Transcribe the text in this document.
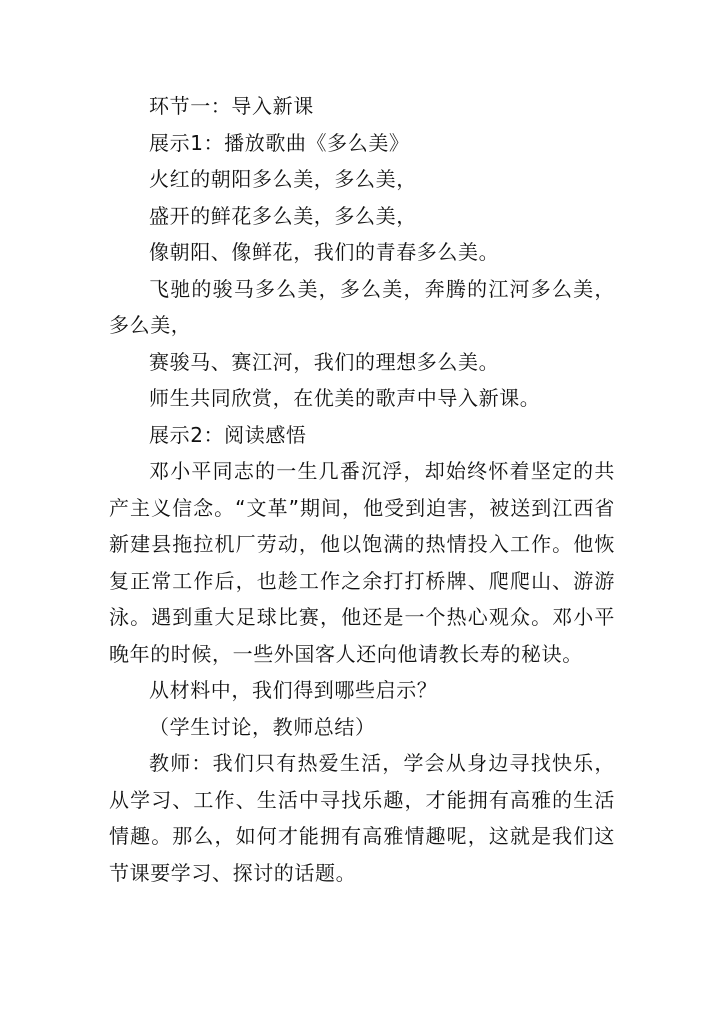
环节一：导入新课

展示1：播放歌曲《多么美》

火红的朝阳多么美，多么美，

盛开的鲜花多么美，多么美，

像朝阳、像鲜花，我们的青春多么美。

飞驰的骏马多么美，多么美，奔腾的江河多么美，多么美，

赛骏马、赛江河，我们的理想多么美。

师生共同欣赏，在优美的歌声中导入新课。

展示2：阅读感悟

邓小平同志的一生几番沉浮，却始终怀着坚定的共产主义信念。“文革”期间，他受到迫害，被送到江西省新建县拖拉机厂劳动，他以饱满的热情投入工作。他恢复正常工作后，也趁工作之余打打桥牌、爬爬山、游游泳。遇到重大足球比赛，他还是一个热心观众。邓小平晚年的时候，一些外国客人还向他请教长寿的秘诀。

从材料中，我们得到哪些启示？

（学生讨论，教师总结）

教师：我们只有热爱生活，学会从身边寻找快乐，从学习、工作、生活中寻找乐趣，才能拥有高雅的生活情趣。那么，如何才能拥有高雅情趣呢，这就是我们这节课要学习、探讨的话题。
